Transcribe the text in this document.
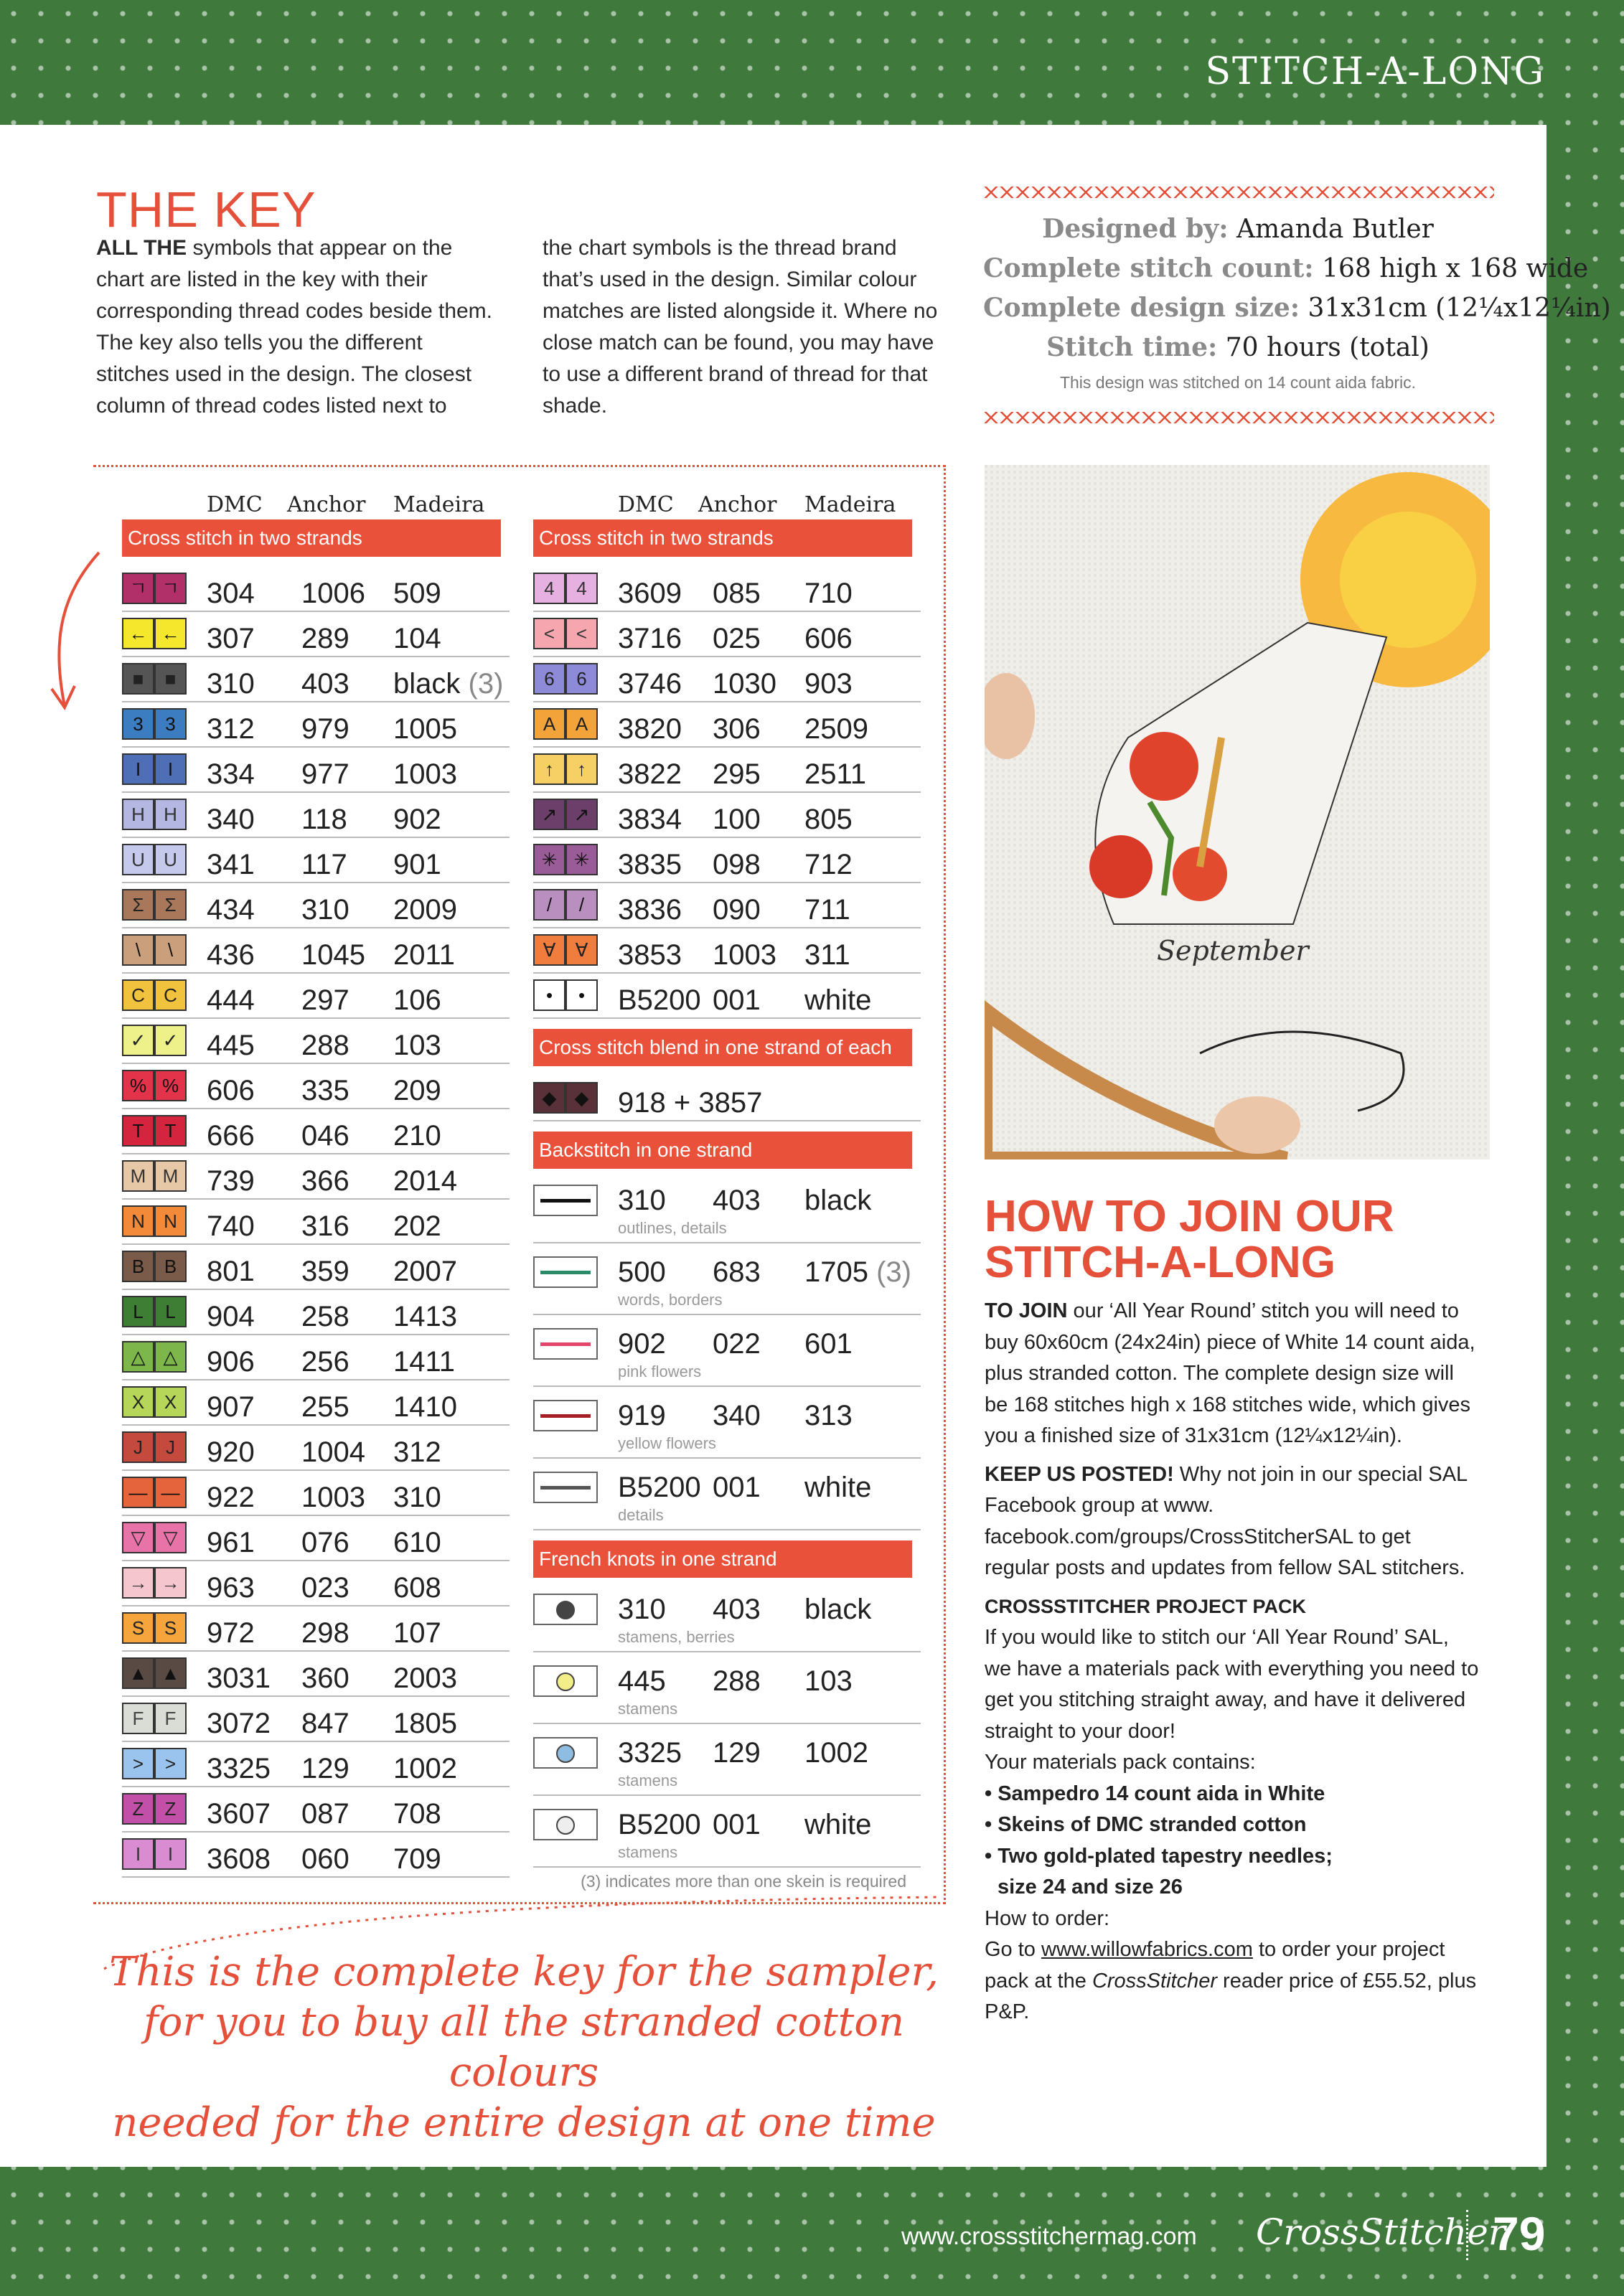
STITCH-A-LONG
THE KEY
ALL THE symbols that appear on the chart are listed in the key with their corresponding thread codes beside them. The key also tells you the different stitches used in the design. The closest column of thread codes listed next to
the chart symbols is the thread brand that’s used in the design. Similar colour matches are listed alongside it. Where no close match can be found, you may have to use a different brand of thread for that shade.
Designed by: Amanda Butler
Complete stitch count: 168 high x 168 wide
Complete design size: 31x31cm (12¼x12¼in)
Stitch time: 70 hours (total)
This design was stitched on 14 count aida fabric.
DMC Anchor Madeira
Cross stitch in two strands
ㄱ ㄱ 304 1006 509
← ← 307 289 104
■	■	310 403 black (3)
3	3	312 979 1005
I	I	334 977 1003
H	H	340 118 902
U	U	341 117 901
Σ	Σ	434 310 2009
\	\	436 1045 2011
C	C	444 297 106
✓ ✓ 445 288 103
% % 606 335 209
T	T	666 046 210
M M 739 366 2014
N	N	740 316 202
B	B	801 359 2007
L	L	904 258 1413
△ △	906 256 1411
X	X	907 255 1410
J	J	920 1004 312
— — 922 1003 310
▽ ▽	961 076 610
→ → 963 023 608
S	S	972 298 107
▲ ▲ 3031 360 2003
F	F	3072 847 1805
>	>	3325 129 1002
Z	Z	3607 087 708
I	I	3608 060 709
DMC Anchor Madeira
Cross stitch in two strands
4	4	3609 085 710
<	<	3716 025 606
6	6	3746 1030 903
A	A	3820 306 2509
↑	↑	3822 295 2511
↗ ↗ 3834 100 805
✳ ✳ 3835 098 712
/	/	3836 090 711
∀	∀	3853 1003 311
•	•	B5200 001 white
Cross stitch blend in one strand of each
◆ ◆	918 + 3857
Backstitch in one strand
310 403 black
outlines, details
500 683 1705 (3)
words, borders
902 022 601
pink flowers
919 340 313
yellow flowers
B5200 001 white
details
French knots in one strand
310 403 black
stamens, berries
445 288 103
stamens
3325 129 1002
stamens
B5200 001 white
stamens
(3) indicates more than one skein is required
September
HOW TO JOIN OUR
STITCH-A-LONG

TO JOIN our ‘All Year Round’ stitch you will need to buy 60x60cm (24x24in) piece of White 14 count aida, plus stranded cotton. The complete design size will be 168 stitches high x 168 stitches wide, which gives you a finished size of 31x31cm (12¼x12¼in).

KEEP US POSTED! Why not join in our special SAL Facebook group at www. facebook.com/groups/CrossStitcherSAL to get regular posts and updates from fellow SAL stitchers.

CROSSSTITCHER PROJECT PACK
If you would like to stitch our ‘All Year Round’ SAL, we have a materials pack with everything you need to get you stitching straight away, and have it delivered straight to your door!
Your materials pack contains:
• Sampedro 14 count aida in White
• Skeins of DMC stranded cotton
• Two gold-plated tapestry needles;
size 24 and size 26
How to order:
Go to www.willowfabrics.com to order your project pack at the CrossStitcher reader price of £55.52, plus P&P.
This is the complete key for the sampler,
for you to buy all the stranded cotton colours
needed for the entire design at one time
www.crossstitchermag.com CrossStitcher
79
